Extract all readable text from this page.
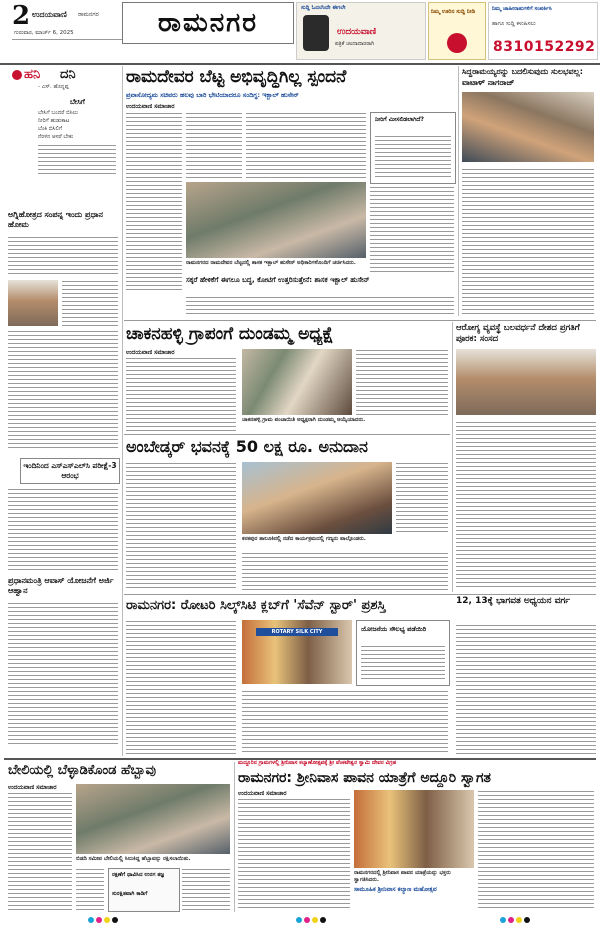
2 ಉದಯವಾಣಿ ರಾಮನಗರ
ಗುರುವಾರ, ಮಾರ್ಚ್ 6, 2025	ರಾಮನಗರ	ಸುದ್ದಿ ಓದಲೆಂದೇ ಈಗಲೇ
ಉದಯವಾಣಿ
ಪತ್ರಿಕೆ ಚಂದಾದಾರರಾಗಿ
ನಿಮ್ಮ ಊರಿನ ಸುದ್ದಿ ನೀಡಿ	ನಿಮ್ಮ ಜಾಹೀರಾತುಗಳಿಗೆ ಸಂಪರ್ಕಿಸಿ
ಹಾಗೂ ಸುದ್ದಿ ಕಳುಹಿಸಲು
8310152292
ಹನಿ ದನಿ
- ಎಸ್. ಹೊನ್ನಪ್ಪ
ಬೇಸಿಗೆ
ಬೇಸಿಗೆ ಬಂದರೆ ಬಿಸಿಲು
ನೀರಿಗೆ ಹುಡುಕಾಟ
ಬೆಂಕಿ ಬಿಸಿಲಿಗೆ
ನೆರಳಿನ ಆಸರೆ ಬೇಕು
ಅಗ್ನಿಹೋತ್ರದ ಸಂಪನ್ನ ಇಂದು ಪ್ರಧಾನ ಹೋಮ
ಇಂದಿನಿಂದ ಎಸ್‌ಎಸ್‌ಎಲ್‌ಸಿ ಪರೀಕ್ಷೆ-3 ಆರಂಭ
ಪ್ರಧಾನಮಂತ್ರಿ ಆವಾಸ್ ಯೋಜನೆಗೆ ಅರ್ಜಿ ಆಹ್ವಾನ
ರಾಮದೇವರ ಬೆಟ್ಟ ಅಭಿವೃದ್ಧಿಗಿಲ್ಲ ಸ್ಪಂದನೆ
ಪ್ರವಾಸೋದ್ಯಮ ಸಚಿವರು ಹಲವು ಬಾರಿ ಭೇಟಿಯಾದರೂ ಸಂದಿಗ್ಧ: ಇಕ್ಬಾಲ್ ಹುಸೇನ್
ಉದಯವಾಣಿ ಸಮಾಚಾರ
ರಾಮನಗರದ ರಾಮದೇವರ ಬೆಟ್ಟದಲ್ಲಿ ಶಾಸಕ ಇಕ್ಬಾಲ್ ಹುಸೇನ್ ಅಧಿಕಾರಿಗಳೊಂದಿಗೆ ಚರ್ಚಿಸಿದರು.
ನೀರಿಗೆ ಮೀಸಲಿಡಲಾಗಿದೆ?
ಸಕ್ಕರೆ ಹೇಳಿಕೆಗೆ ಈಗಲೂ ಬದ್ಧ, ಕೋಟಿಗೆ ಉತ್ತರಿಸುತ್ತೇನೆ: ಶಾಸಕ ಇಕ್ಬಾಲ್ ಹುಸೇನ್
ಸಿದ್ದರಾಮಯ್ಯರನ್ನು ಬದಲಿಸುವುದು ಸುಲಭವಲ್ಲ: ವಾಟಾಳ್ ನಾಗರಾಜ್
ಚಾಕನಹಳ್ಳಿ ಗ್ರಾಪಂಗೆ ದುಂಡಮ್ಮ ಅಧ್ಯಕ್ಷೆ
ಉದಯವಾಣಿ ಸಮಾಚಾರ
ಚಾಕನಹಳ್ಳಿ ಗ್ರಾಮ ಪಂಚಾಯಿತಿ ಅಧ್ಯಕ್ಷರಾಗಿ ದುಂಡಮ್ಮ ಆಯ್ಕೆಯಾದರು.
ಆರೋಗ್ಯ ವ್ಯವಸ್ಥೆ ಬಲವರ್ಧನೆ ದೇಶದ ಪ್ರಗತಿಗೆ ಪೂರಕ: ಸಂಸದ
ಅಂಬೇಡ್ಕರ್ ಭವನಕ್ಕೆ 50 ಲಕ್ಷ ರೂ. ಅನುದಾನ
ಕನಕಪುರ ತಾಲೂಕಿನಲ್ಲಿ ನಡೆದ ಕಾರ್ಯಕ್ರಮದಲ್ಲಿ ಗಣ್ಯರು ಪಾಲ್ಗೊಂಡರು.
ರಾಮನಗರ: ರೋಟರಿ ಸಿಲ್ಕ್‌ಸಿಟಿ ಕ್ಲಬ್‌ಗೆ 'ಸೆವೆನ್ ಸ್ಟಾರ್' ಪ್ರಶಸ್ತಿ
ROTARY SILK CITY	ಯೋಜನೆಯ ಸೌಲಭ್ಯ ಪಡೆಯಿರಿ
12, 13ಕ್ಕೆ ಭಾಗವತ ಅಧ್ಯಯನ ವರ್ಗ
ಬೇಲಿಯಲ್ಲಿ ಬೆಳ್ಳಾಡಿಕೊಂಡ ಹೆಬ್ಬಾವು
ಉದಯವಾಣಿ ಸಮಾಚಾರ
ಬಿಡದಿ ಸಮೀಪ ಬೇಲಿಯಲ್ಲಿ ಸಿಲುಕಿದ್ದ ಹೆಬ್ಬಾವನ್ನು ರಕ್ಷಿಸಲಾಯಿತು.
ರಕ್ಷಣೆಗೆ ಧಾವಿಸಿದ ಉರಗ ತಜ್ಞ
ಸುರಕ್ಷಿತವಾಗಿ ಕಾಡಿಗೆ
ಮದ್ದೂರಿನ ಗ್ರಾಮಗಳಲ್ಲಿ ಶ್ರೀನಿವಾಸ ಕಲ್ಯಾಣೋತ್ಸವಕ್ಕೆ ಶ್ರೀ ವೆಂಕಟೇಶ್ವರ ಸ್ವಾಮಿ ದೇವರ ವಿಗ್ರಹ
ರಾಮನಗರ: ಶ್ರೀನಿವಾಸ ಪಾವನ ಯಾತ್ರೆಗೆ ಅದ್ದೂರಿ ಸ್ವಾಗತ
ಉದಯವಾಣಿ ಸಮಾಚಾರ
ರಾಮನಗರದಲ್ಲಿ ಶ್ರೀನಿವಾಸ ಪಾವನ ಯಾತ್ರೆಯನ್ನು ಭಕ್ತರು ಸ್ವಾಗತಿಸಿದರು.
ಸಾಮೂಹಿಕ ಶ್ರೀನಿವಾಸ ಕಲ್ಯಾಣ ಮಹೋತ್ಸವ
